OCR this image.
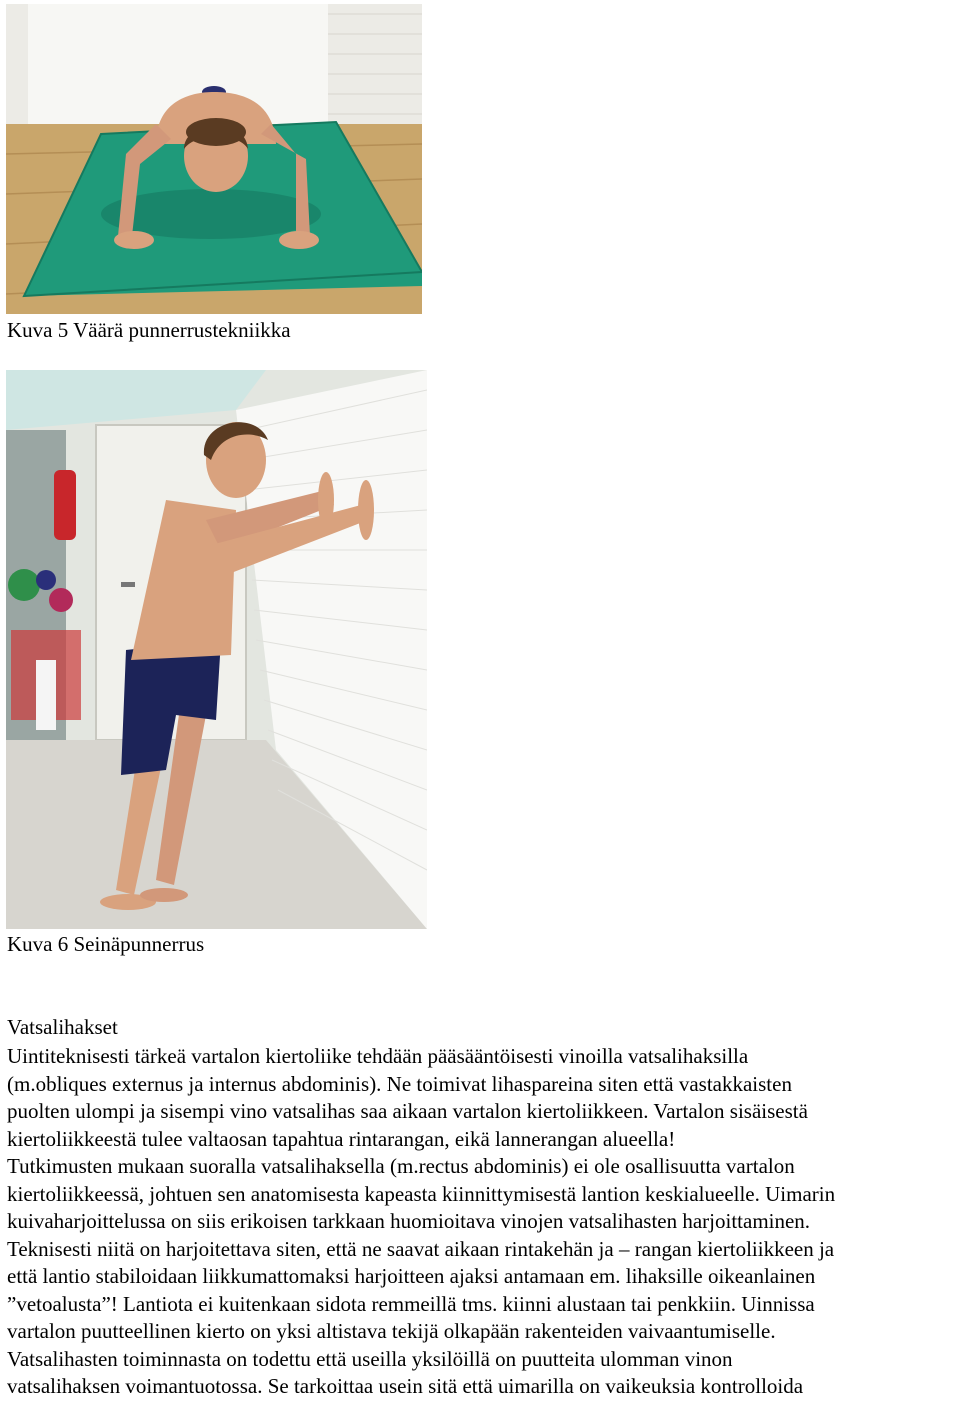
Kuva 5 Väärä punnerrustekniikka
Kuva 6 Seinäpunnerrus
Vatsalihakset
Uintiteknisesti tärkeä vartalon kiertoliike tehdään pääsääntöisesti vinoilla vatsalihaksilla
(m.obliques externus ja internus abdominis). Ne toimivat lihaspareina siten että vastakkaisten
puolten ulompi ja sisempi vino vatsalihas saa aikaan vartalon kiertoliikkeen. Vartalon sisäisestä
kiertoliikkeestä tulee valtaosan tapahtua rintarangan, eikä lannerangan alueella!
Tutkimusten mukaan suoralla vatsalihaksella (m.rectus abdominis) ei ole osallisuutta vartalon
kiertoliikkeessä, johtuen sen anatomisesta kapeasta kiinnittymisestä lantion keskialueelle. Uimarin
kuivaharjoittelussa on siis erikoisen tarkkaan huomioitava vinojen vatsalihasten harjoittaminen.
Teknisesti niitä on harjoitettava siten, että ne saavat aikaan rintakehän ja – rangan kiertoliikkeen ja
että lantio stabiloidaan liikkumattomaksi harjoitteen ajaksi antamaan em. lihaksille oikeanlainen
”vetoalusta”! Lantiota ei kuitenkaan sidota remmeillä tms. kiinni alustaan tai penkkiin. Uinnissa
vartalon puutteellinen kierto on yksi altistava tekijä olkapään rakenteiden vaivaantumiselle.
Vatsalihasten toiminnasta on todettu että useilla yksilöillä on puutteita ulomman vinon
vatsalihaksen voimantuotossa. Se tarkoittaa usein sitä että uimarilla on vaikeuksia kontrolloida
